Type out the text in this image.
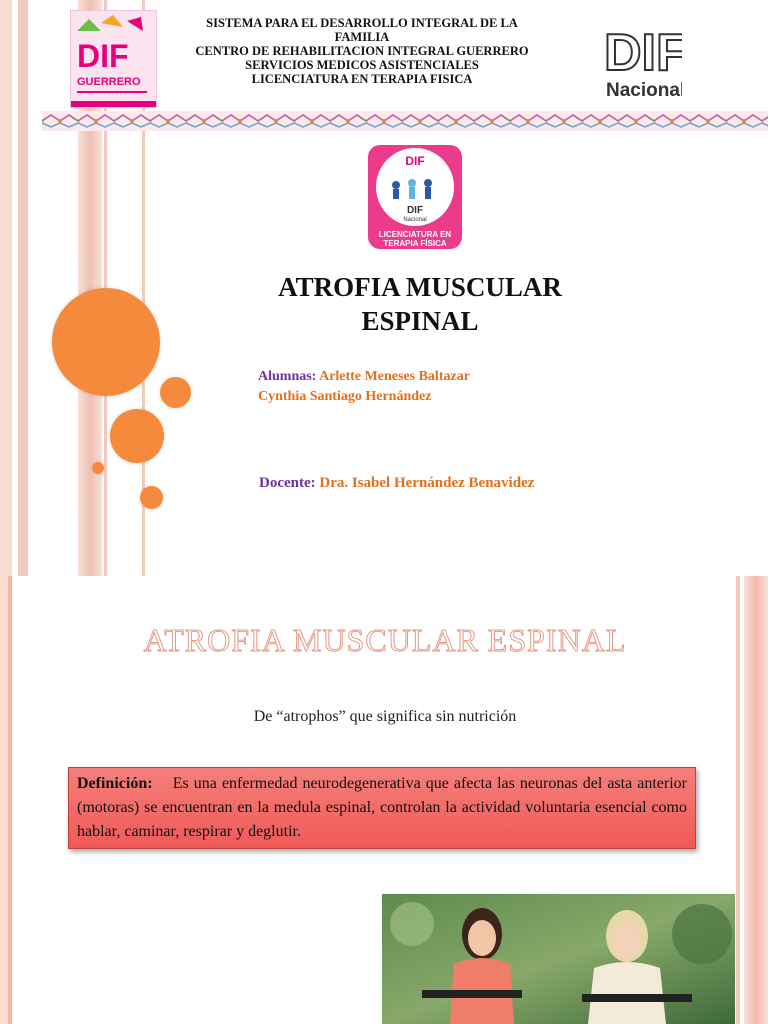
DIF
GUERRERO
SISTEMA PARA EL DESARROLLO INTEGRAL DE LA FAMILIA
CENTRO DE REHABILITACION INTEGRAL GUERRERO
SERVICIOS MEDICOS ASISTENCIALES
LICENCIATURA EN TERAPIA FISICA	DIF
Nacional
DIF
DIF
Nacional
LICENCIATURA EN
TERAPIA FÍSICA
ATROFIA MUSCULAR ESPINAL
Alumnas: Arlette Meneses Baltazar
Cynthia Santiago Hernández
Docente: Dra. Isabel Hernández Benavidez
ATROFIA MUSCULAR ESPINAL
De “atrophos” que significa sin nutrición
Definición: Es una enfermedad neurodegenerativa que afecta las neuronas del asta anterior (motoras) se encuentran en la medula espinal, controlan la actividad voluntaria esencial como hablar, caminar, respirar y deglutir.
